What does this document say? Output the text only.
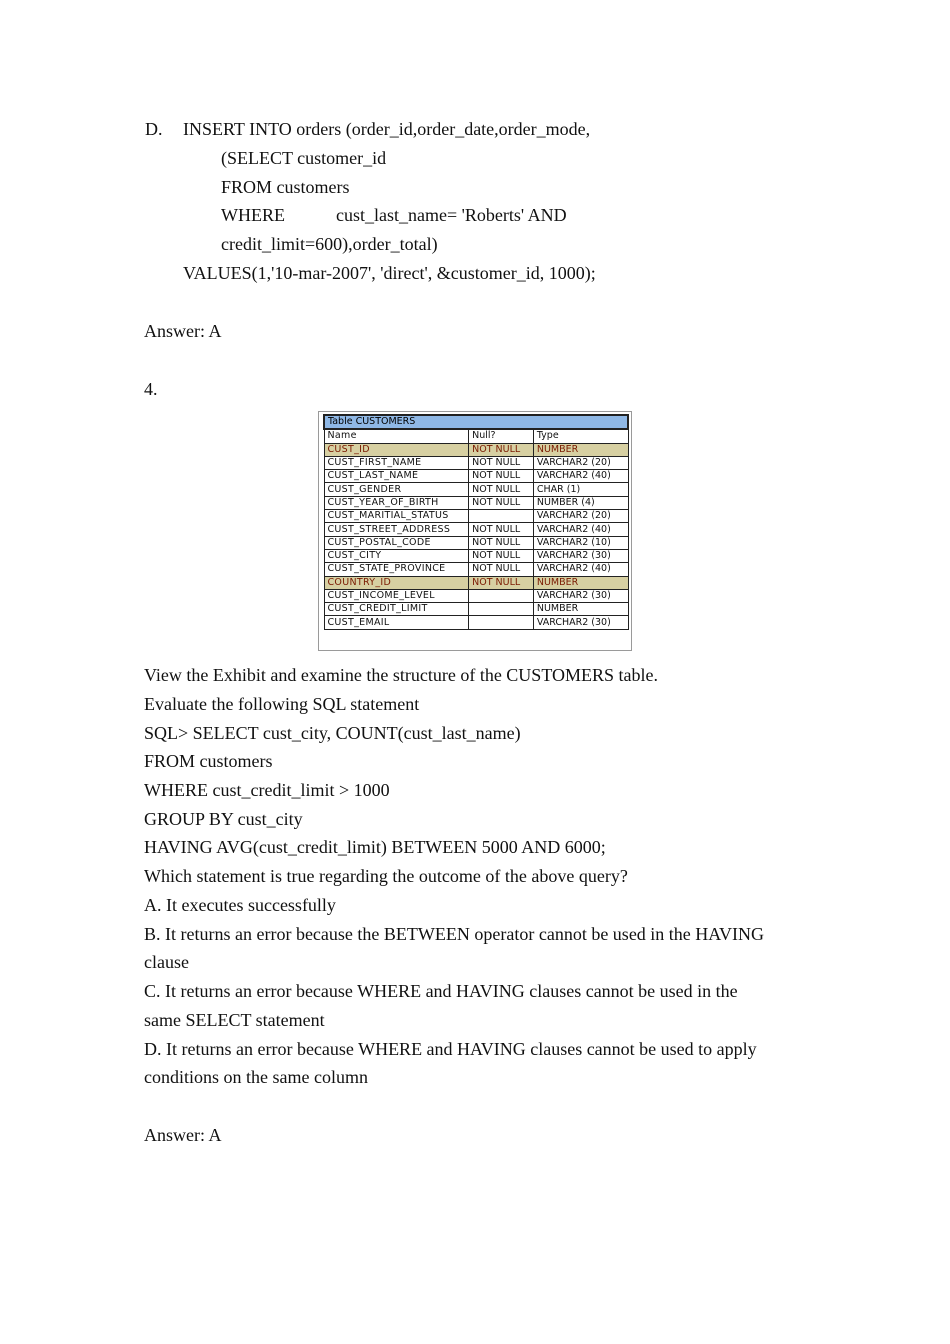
D. INSERT INTO orders (order_id,order_date,order_mode,
(SELECT customer_id
FROM customers
WHERE	cust_last_name= 'Roberts' AND
credit_limit=600),order_total)
VALUES(1,'10-mar-2007', 'direct', &customer_id, 1000);
Answer: A
4.
Table CUSTOMERS		
Name	Null?	Type
CUST_ID	NOT NULL	NUMBER
CUST_FIRST_NAME	NOT NULL	VARCHAR2 (20)
CUST_LAST_NAME	NOT NULL	VARCHAR2 (40)
CUST_GENDER	NOT NULL	CHAR (1)
CUST_YEAR_OF_BIRTH	NOT NULL	NUMBER (4)
CUST_MARITIAL_STATUS		VARCHAR2 (20)
CUST_STREET_ADDRESS	NOT NULL	VARCHAR2 (40)
CUST_POSTAL_CODE	NOT NULL	VARCHAR2 (10)
CUST_CITY	NOT NULL	VARCHAR2 (30)
CUST_STATE_PROVINCE	NOT NULL	VARCHAR2 (40)
COUNTRY_ID	NOT NULL	NUMBER
CUST_INCOME_LEVEL		VARCHAR2 (30)
CUST_CREDIT_LIMIT		NUMBER
CUST_EMAIL		VARCHAR2 (30)
View the Exhibit and examine the structure of the CUSTOMERS table.
Evaluate the following SQL statement
SQL> SELECT cust_city, COUNT(cust_last_name)
FROM customers
WHERE cust_credit_limit > 1000
GROUP BY cust_city
HAVING AVG(cust_credit_limit) BETWEEN 5000 AND 6000;
Which statement is true regarding the outcome of the above query?
A. It executes successfully
B. It returns an error because the BETWEEN operator cannot be used in the HAVING
clause
C. It returns an error because WHERE and HAVING clauses cannot be used in the
same SELECT statement
D. It returns an error because WHERE and HAVING clauses cannot be used to apply
conditions on the same column
Answer: A
